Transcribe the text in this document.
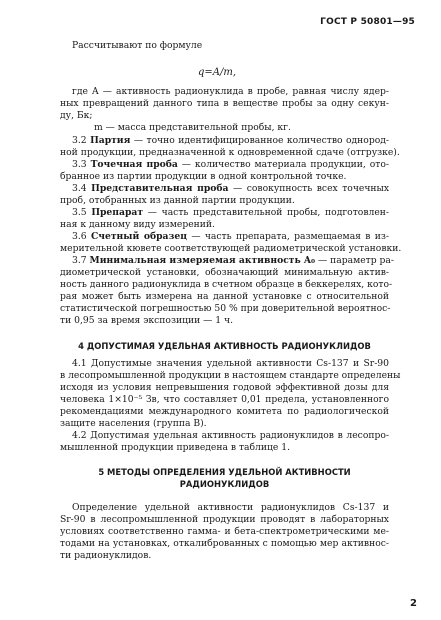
ГОСТ Р 50801—95
Рассчитывают по формуле
q=A/m,
где A — активность радионуклида в пробе, равная числу ядер-
ных превращений данного типа в веществе пробы за одну секун-
ду, Бк;
m — масса представительной пробы, кг.
3.2 Партия — точно идентифицированное количество однород-
ной продукции, предназначенной к одновременной сдаче (отгрузке).
3.3 Точечная проба — количество материала продукции, ото-
бранное из партии продукции в одной контрольной точке.
3.4 Представительная проба — совокупность всех точечных
проб, отобранных из данной партии продукции.
3.5 Препарат — часть представительной пробы, подготовлен-
ная к данному виду измерений.
3.6 Счетный образец — часть препарата, размещаемая в из-
мерительной кювете соответствующей радиометрической установки.
3.7 Минимальная измеряемая активность A₀ — параметр ра-
диометрической установки, обозначающий минимальную актив-
ность данного радионуклида в счетном образце в беккерелях, кото-
рая может быть измерена на данной установке с относительной
статистической погрешностью 50 % при доверительной вероятнос-
ти 0,95 за время экспозиции — 1 ч.
4 ДОПУСТИМАЯ УДЕЛЬНАЯ АКТИВНОСТЬ РАДИОНУКЛИДОВ
4.1 Допустимые значения удельной активности Cs-137 и Sr-90
в лесопромышленной продукции в настоящем стандарте определены
исходя из условия непревышения годовой эффективной дозы для
человека 1×10⁻⁵ Зв, что составляет 0,01 предела, установленного
рекомендациями международного комитета по радиологической
защите населения (группа В).
4.2 Допустимая удельная активность радионуклидов в лесопро-
мышленной продукции приведена в таблице 1.
5 МЕТОДЫ ОПРЕДЕЛЕНИЯ УДЕЛЬНОЙ АКТИВНОСТИ
РАДИОНУКЛИДОВ
Определение удельной активности радионуклидов Cs-137 и
Sr-90 в лесопромышленной продукции проводят в лабораторных
условиях соответственно гамма- и бета-спектрометрическими ме-
тодами на установках, откалиброванных с помощью мер активнос-
ти радионуклидов.
2
